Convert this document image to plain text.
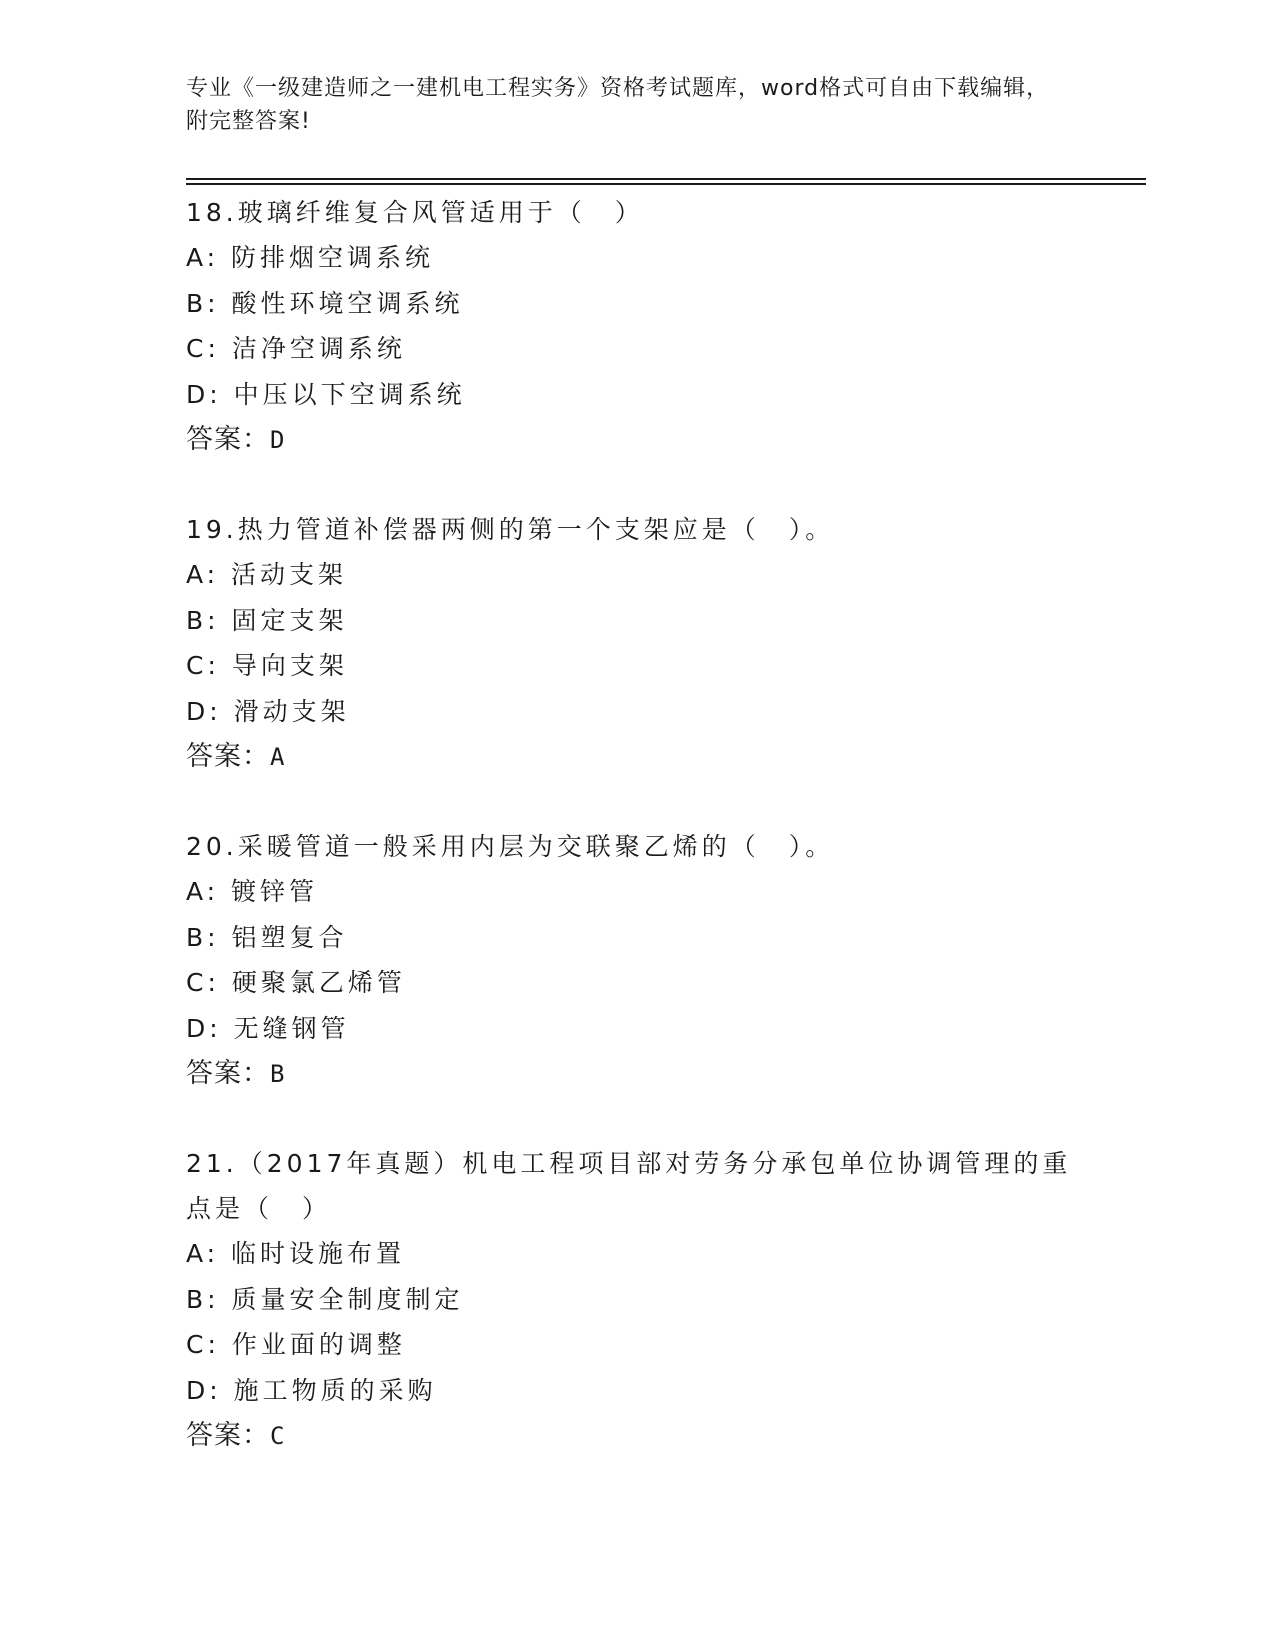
专业《一级建造师之一建机电工程实务》资格考试题库，word格式可自由下载编辑，附完整答案!
18.玻璃纤维复合风管适用于（　）
A: 防排烟空调系统
B: 酸性环境空调系统
C: 洁净空调系统
D: 中压以下空调系统
答案：D
19.热力管道补偿器两侧的第一个支架应是（　）。
A: 活动支架
B: 固定支架
C: 导向支架
D: 滑动支架
答案：A
20.采暖管道一般采用内层为交联聚乙烯的（　）。
A: 镀锌管
B: 铝塑复合
C: 硬聚氯乙烯管
D: 无缝钢管
答案：B
21.（2017年真题）机电工程项目部对劳务分承包单位协调管理的重点是（　）
A: 临时设施布置
B: 质量安全制度制定
C: 作业面的调整
D: 施工物质的采购
答案：C
